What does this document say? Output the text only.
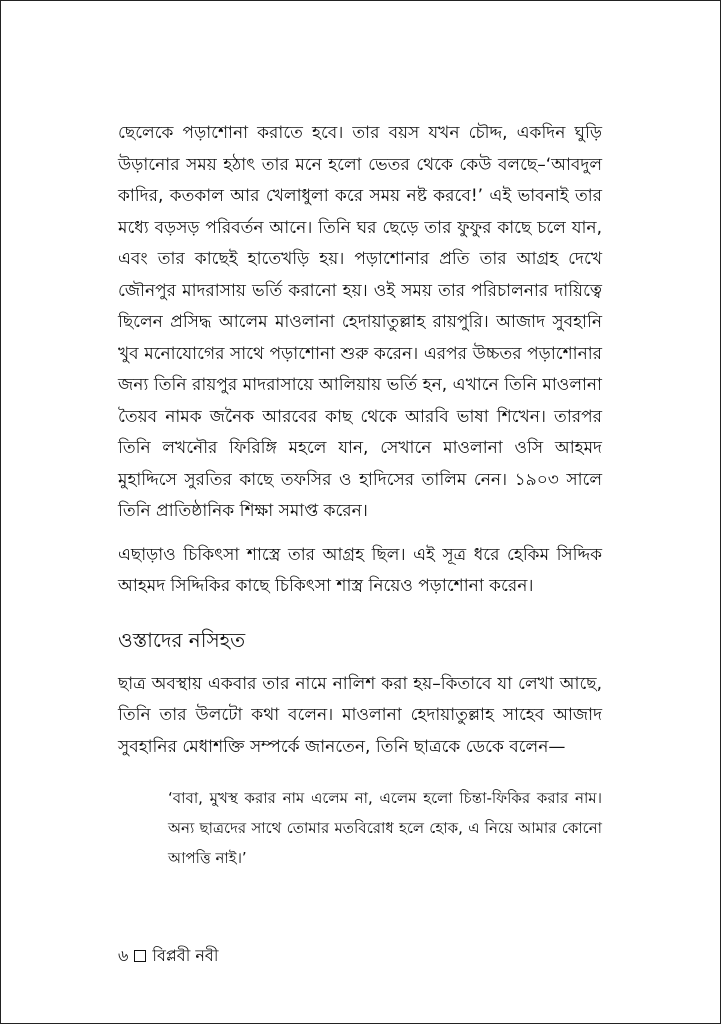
ছেলেকে পড়াশোনা করাতে হবে। তার বয়স যখন চৌদ্দ, একদিন ঘুড়ি উড়ানোর সময় হঠাৎ তার মনে হলো ভেতর থেকে কেউ বলছে–‘আবদুল কাদির, কতকাল আর খেলাধুলা করে সময় নষ্ট করবে!’ এই ভাবনাই তার মধ্যে বড়সড় পরিবর্তন আনে। তিনি ঘর ছেড়ে তার ফুফুর কাছে চলে যান, এবং তার কাছেই হাতেখড়ি হয়। পড়াশোনার প্রতি তার আগ্রহ দেখে জৌনপুর মাদরাসায় ভর্তি করানো হয়। ওই সময় তার পরিচালনার দায়িত্বে ছিলেন প্রসিদ্ধ আলেম মাওলানা হেদায়াতুল্লাহ রায়পুরি। আজাদ সুবহানি খুব মনোযোগের সাথে পড়াশোনা শুরু করেন। এরপর উচ্চতর পড়াশোনার জন্য তিনি রায়পুর মাদরাসায়ে আলিয়ায় ভর্তি হন, এখানে তিনি মাওলানা তৈয়ব নামক জনৈক আরবের কাছ থেকে আরবি ভাষা শিখেন। তারপর তিনি লখনৌর ফিরিঙ্গি মহলে যান, সেখানে মাওলানা ওসি আহমদ মুহাদ্দিসে সুরতির কাছে তফসির ও হাদিসের তালিম নেন। ১৯০৩ সালে তিনি প্রাতিষ্ঠানিক শিক্ষা সমাপ্ত করেন।

এছাড়াও চিকিৎসা শাস্ত্রে তার আগ্রহ ছিল। এই সূত্র ধরে হেকিম সিদ্দিক আহমদ সিদ্দিকির কাছে চিকিৎসা শাস্ত্র নিয়েও পড়াশোনা করেন।

ওস্তাদের নসিহত

ছাত্র অবস্থায় একবার তার নামে নালিশ করা হয়–কিতাবে যা লেখা আছে, তিনি তার উলটো কথা বলেন। মাওলানা হেদায়াতুল্লাহ সাহেব আজাদ সুবহানির মেধাশক্তি সম্পর্কে জানতেন, তিনি ছাত্রকে ডেকে বলেন—

‘বাবা, মুখস্থ করার নাম এলেম না, এলেম হলো চিন্তা-ফিকির করার নাম। অন্য ছাত্রদের সাথে তোমার মতবিরোধ হলে হোক, এ নিয়ে আমার কোনো আপত্তি নাই।’

৬ বিপ্লবী নবী
